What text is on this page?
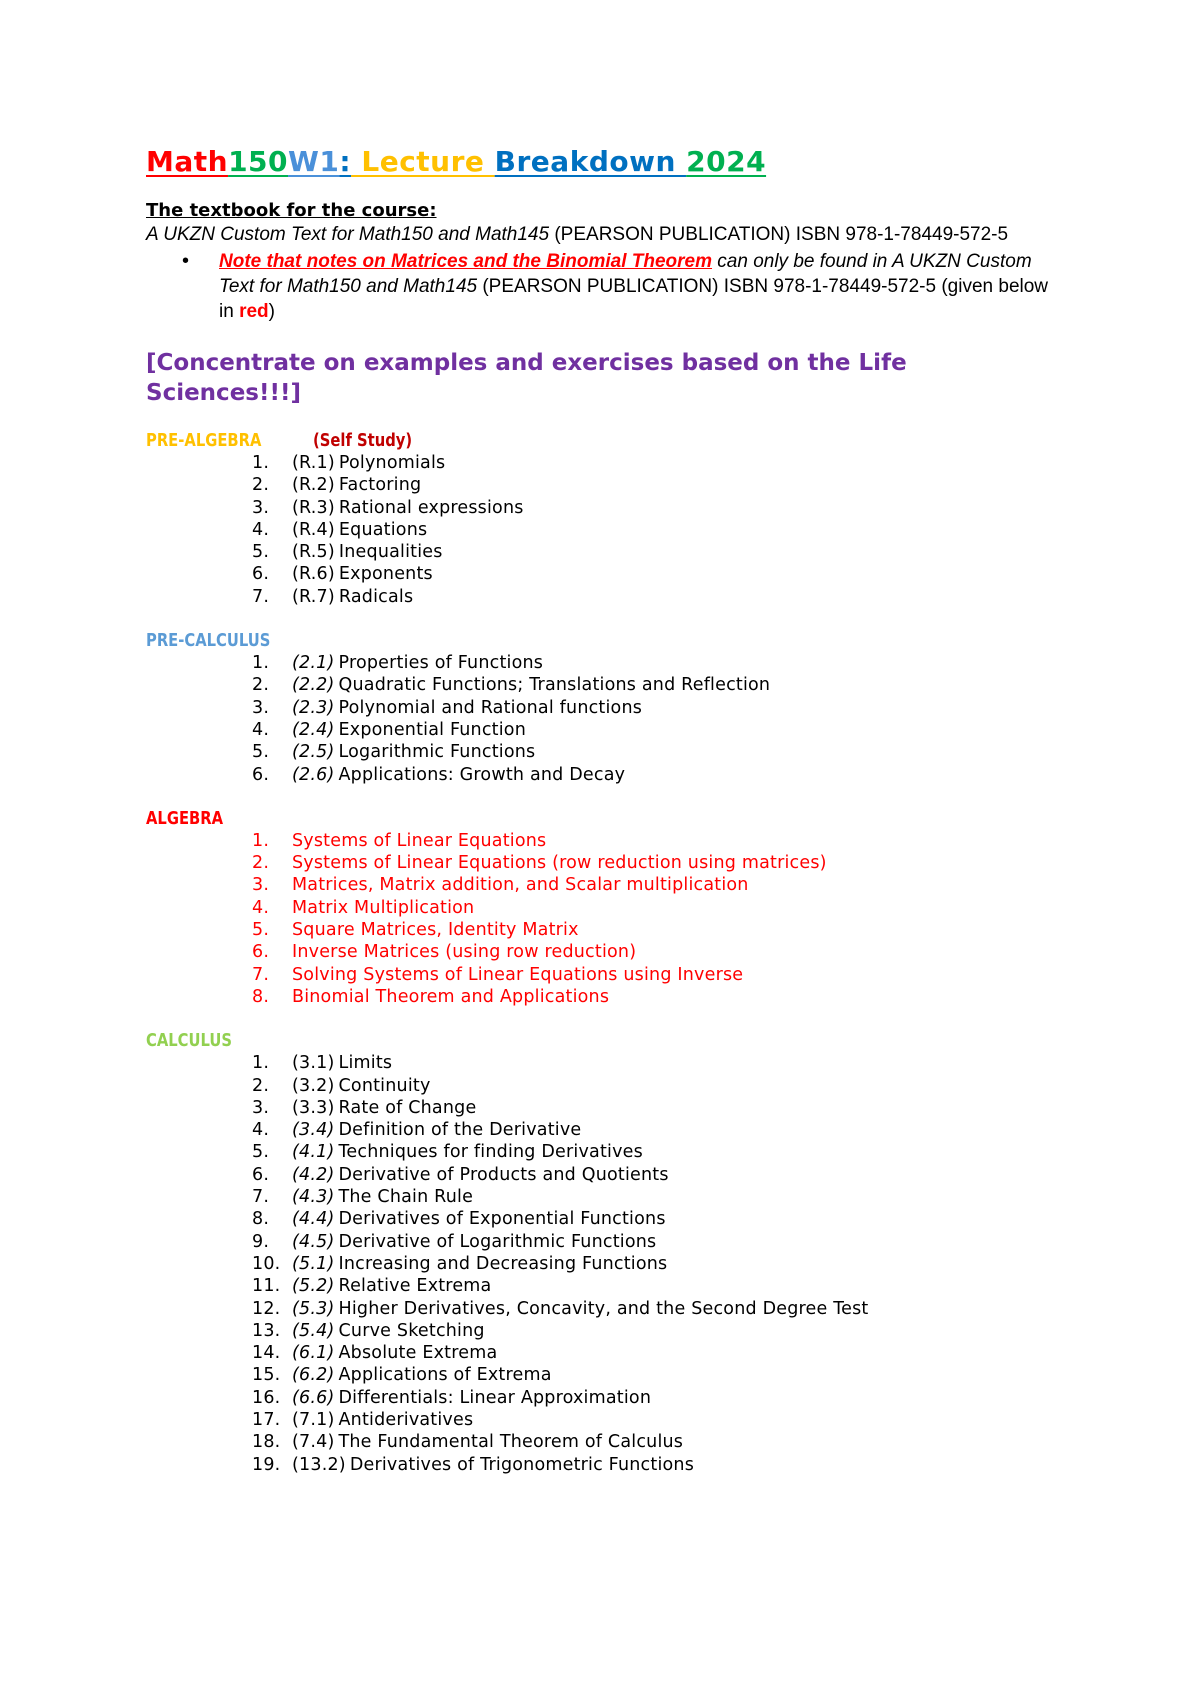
Math150W1: Lecture Breakdown 2024
The textbook for the course:
A UKZN Custom Text for Math150 and Math145 (PEARSON PUBLICATION) ISBN 978-1-78449-572-5
• Note that notes on Matrices and the Binomial Theorem can only be found in A UKZN Custom Text for Math150 and Math145 (PEARSON PUBLICATION) ISBN 978-1-78449-572-5 (given below in red)
[Concentrate on examples and exercises based on the Life Sciences!!!]
PRE-ALGEBRA	(Self Study)
1.	(R.1) Polynomials
2.	(R.2) Factoring
3.	(R.3) Rational expressions
4.	(R.4) Equations
5.	(R.5) Inequalities
6.	(R.6) Exponents
7.	(R.7) Radicals
PRE-CALCULUS
1.	(2.1) Properties of Functions
2.	(2.2) Quadratic Functions; Translations and Reflection
3.	(2.3) Polynomial and Rational functions
4.	(2.4) Exponential Function
5.	(2.5) Logarithmic Functions
6.	(2.6) Applications: Growth and Decay
ALGEBRA
1.	Systems of Linear Equations
2.	Systems of Linear Equations (row reduction using matrices)
3.	Matrices, Matrix addition, and Scalar multiplication
4.	Matrix Multiplication
5.	Square Matrices, Identity Matrix
6.	Inverse Matrices (using row reduction)
7.	Solving Systems of Linear Equations using Inverse
8.	Binomial Theorem and Applications
CALCULUS
1.	(3.1) Limits
2.	(3.2) Continuity
3.	(3.3) Rate of Change
4.	(3.4) Definition of the Derivative
5.	(4.1) Techniques for finding Derivatives
6.	(4.2) Derivative of Products and Quotients
7.	(4.3) The Chain Rule
8.	(4.4) Derivatives of Exponential Functions
9.	(4.5) Derivative of Logarithmic Functions
10. (5.1) Increasing and Decreasing Functions
11. (5.2) Relative Extrema
12. (5.3) Higher Derivatives, Concavity, and the Second Degree Test
13. (5.4) Curve Sketching
14. (6.1) Absolute Extrema
15. (6.2) Applications of Extrema
16. (6.6) Differentials: Linear Approximation
17. (7.1) Antiderivatives
18. (7.4) The Fundamental Theorem of Calculus
19. (13.2) Derivatives of Trigonometric Functions
